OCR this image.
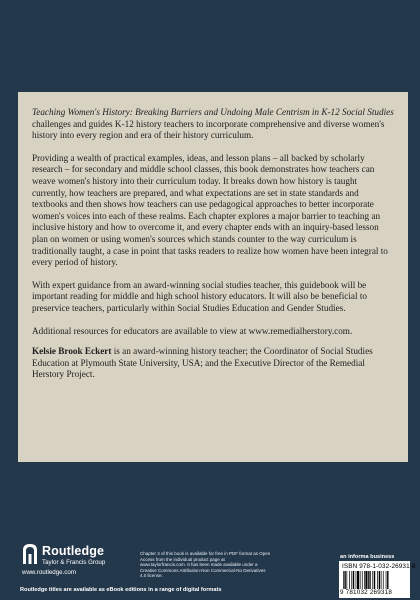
Teaching Women's History: Breaking Barriers and Undoing Male Centrism in K-12 Social Studies challenges and guides K-12 history teachers to incorporate comprehensive and diverse women's history into every region and era of their history curriculum.

Providing a wealth of practical examples, ideas, and lesson plans – all backed by scholarly research – for secondary and middle school classes, this book demonstrates how teachers can weave women's history into their curriculum today. It breaks down how history is taught currently, how teachers are prepared, and what expectations are set in state standards and textbooks and then shows how teachers can use pedagogical approaches to better incorporate women's voices into each of these realms. Each chapter explores a major barrier to teaching an inclusive history and how to overcome it, and every chapter ends with an inquiry-based lesson plan on women or using women's sources which stands counter to the way curriculum is traditionally taught, a case in point that tasks readers to realize how women have been integral to every period of history.

With expert guidance from an award-winning social studies teacher, this guidebook will be important reading for middle and high school history educators. It will also be beneficial to preservice teachers, particularly within Social Studies Education and Gender Studies.

Additional resources for educators are available to view at www.remedialherstory.com.

Kelsie Brook Eckert is an award-winning history teacher; the Coordinator of Social Studies Education at Plymouth State University, USA; and the Executive Director of the Remedial Herstory Project.

Routledge
Taylor & Francis Group
www.routledge.com
Chapter 3 of this book is available for free in PDF format as Open Access from the individual product page at www.taylorfrancis.com. It has been made available under a Creative Commons Attribution-Non Commercial-No Derivatives 4.0 license.
an informa business
ISBN 978-1-032-26931-8
9 781032 269318
Routledge titles are available as eBook editions in a range of digital formats
